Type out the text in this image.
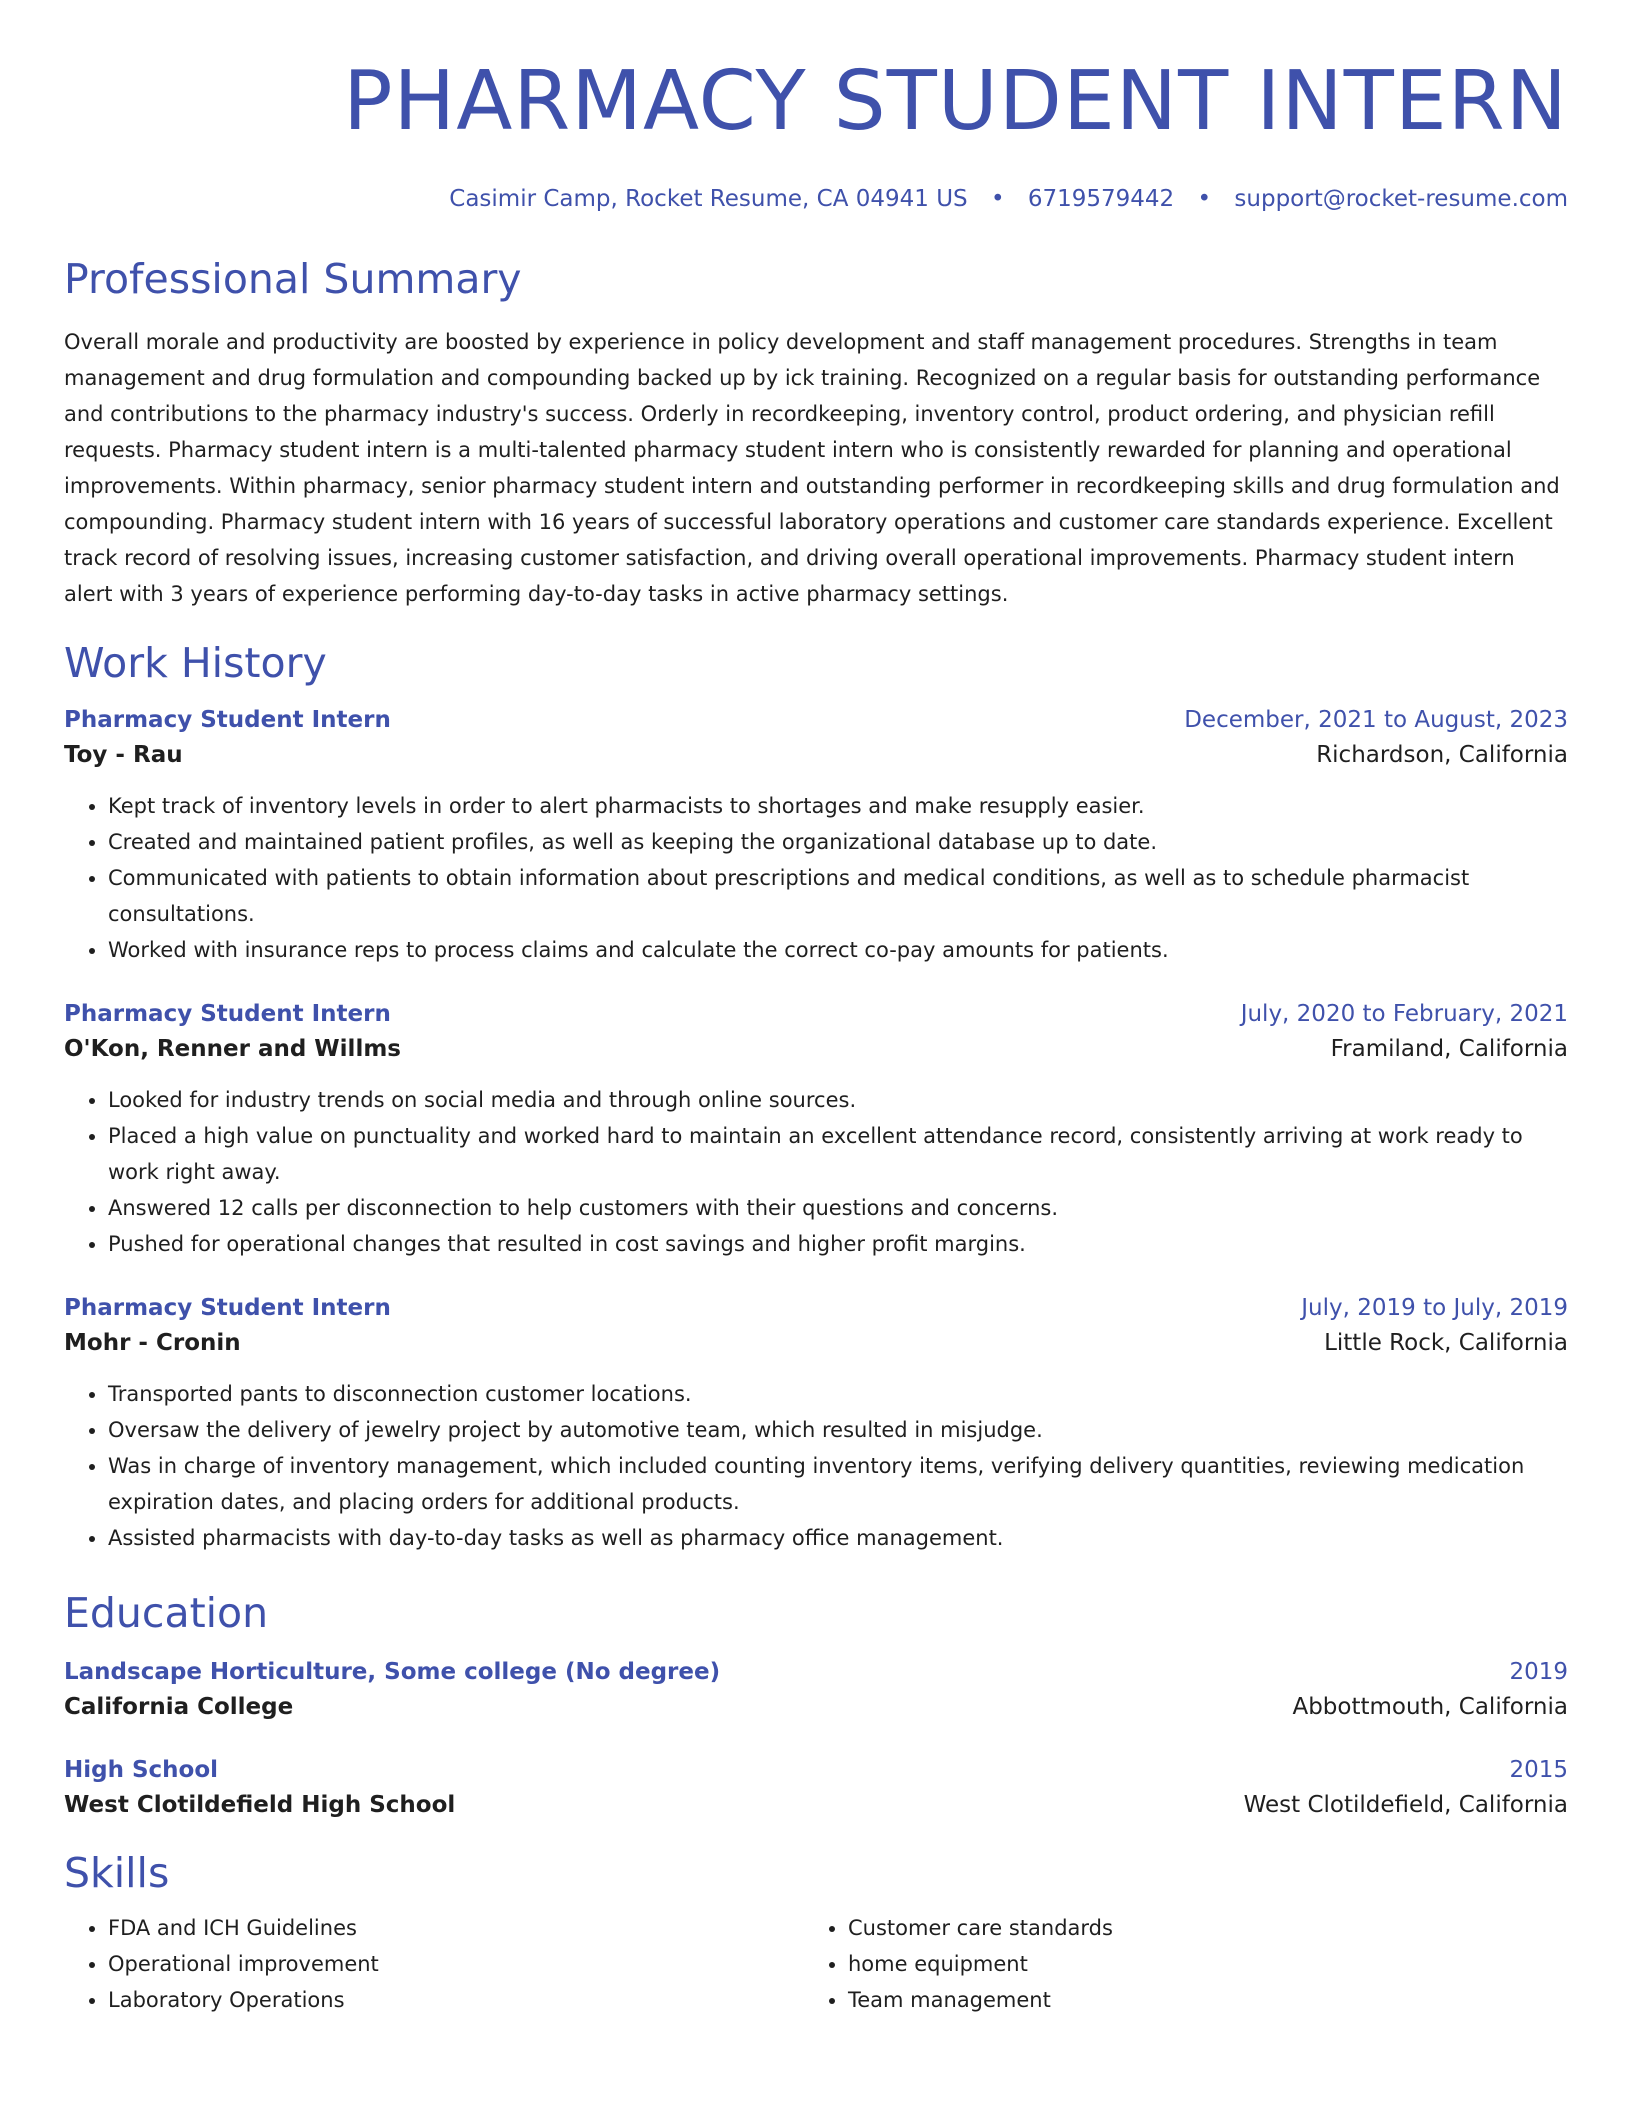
PHARMACY STUDENT INTERN
Casimir Camp, Rocket Resume, CA 04941 US • 6719579442 • support@rocket-resume.com
Professional Summary
Overall morale and productivity are boosted by experience in policy development and staff management procedures. Strengths in team management and drug formulation and compounding backed up by ick training. Recognized on a regular basis for outstanding performance and contributions to the pharmacy industry's success. Orderly in recordkeeping, inventory control, product ordering, and physician refill requests. Pharmacy student intern is a multi-talented pharmacy student intern who is consistently rewarded for planning and operational improvements. Within pharmacy, senior pharmacy student intern and outstanding performer in recordkeeping skills and drug formulation and compounding. Pharmacy student intern with 16 years of successful laboratory operations and customer care standards experience. Excellent track record of resolving issues, increasing customer satisfaction, and driving overall operational improvements. Pharmacy student intern alert with 3 years of experience performing day-to-day tasks in active pharmacy settings.
Work History
Pharmacy Student Intern	December, 2021 to August, 2023
Toy - Rau	Richardson, California
• Kept track of inventory levels in order to alert pharmacists to shortages and make resupply easier.
• Created and maintained patient profiles, as well as keeping the organizational database up to date.
• Communicated with patients to obtain information about prescriptions and medical conditions, as well as to schedule pharmacist consultations.
• Worked with insurance reps to process claims and calculate the correct co-pay amounts for patients.
Pharmacy Student Intern	July, 2020 to February, 2021
O'Kon, Renner and Willms	Framiland, California
• Looked for industry trends on social media and through online sources.
• Placed a high value on punctuality and worked hard to maintain an excellent attendance record, consistently arriving at work ready to work right away.
• Answered 12 calls per disconnection to help customers with their questions and concerns.
• Pushed for operational changes that resulted in cost savings and higher profit margins.
Pharmacy Student Intern	July, 2019 to July, 2019
Mohr - Cronin	Little Rock, California
• Transported pants to disconnection customer locations.
• Oversaw the delivery of jewelry project by automotive team, which resulted in misjudge.
• Was in charge of inventory management, which included counting inventory items, verifying delivery quantities, reviewing medication expiration dates, and placing orders for additional products.
• Assisted pharmacists with day-to-day tasks as well as pharmacy office management.
Education
Landscape Horticulture, Some college (No degree)	2019
California College	Abbottmouth, California
High School	2015
West Clotildefield High School	West Clotildefield, California
Skills
• FDA and ICH Guidelines
• Operational improvement
• Laboratory Operations
• Customer care standards
• home equipment
• Team management
